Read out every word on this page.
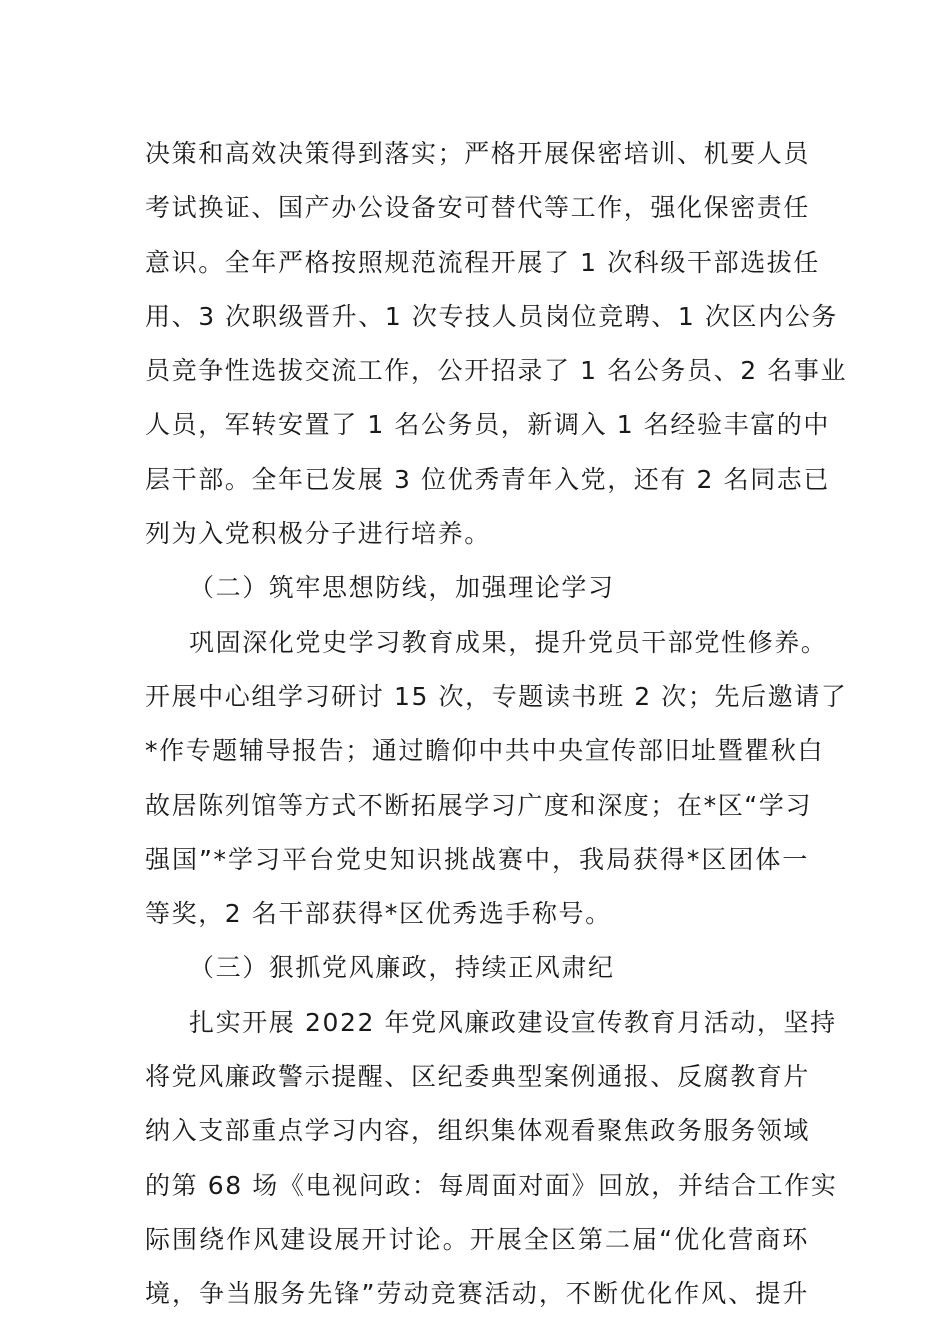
决策和高效决策得到落实；严格开展保密培训、机要人员
考试换证、国产办公设备安可替代等工作，强化保密责任
意识。全年严格按照规范流程开展了 1 次科级干部选拔任
用、3 次职级晋升、1 次专技人员岗位竞聘、1 次区内公务
员竞争性选拔交流工作，公开招录了 1 名公务员、2 名事业
人员，军转安置了 1 名公务员，新调入 1 名经验丰富的中
层干部。全年已发展 3 位优秀青年入党，还有 2 名同志已
列为入党积极分子进行培养。
（二）筑牢思想防线，加强理论学习
巩固深化党史学习教育成果，提升党员干部党性修养。
开展中心组学习研讨 15 次，专题读书班 2 次；先后邀请了
*作专题辅导报告；通过瞻仰中共中央宣传部旧址暨瞿秋白
故居陈列馆等方式不断拓展学习广度和深度；在*区“学习
强国”*学习平台党史知识挑战赛中，我局获得*区团体一
等奖，2 名干部获得*区优秀选手称号。
（三）狠抓党风廉政，持续正风肃纪
扎实开展 2022 年党风廉政建设宣传教育月活动，坚持
将党风廉政警示提醒、区纪委典型案例通报、反腐教育片
纳入支部重点学习内容，组织集体观看聚焦政务服务领域
的第 68 场《电视问政：每周面对面》回放，并结合工作实
际围绕作风建设展开讨论。开展全区第二届“优化营商环
境，争当服务先锋”劳动竞赛活动，不断优化作风、提升
